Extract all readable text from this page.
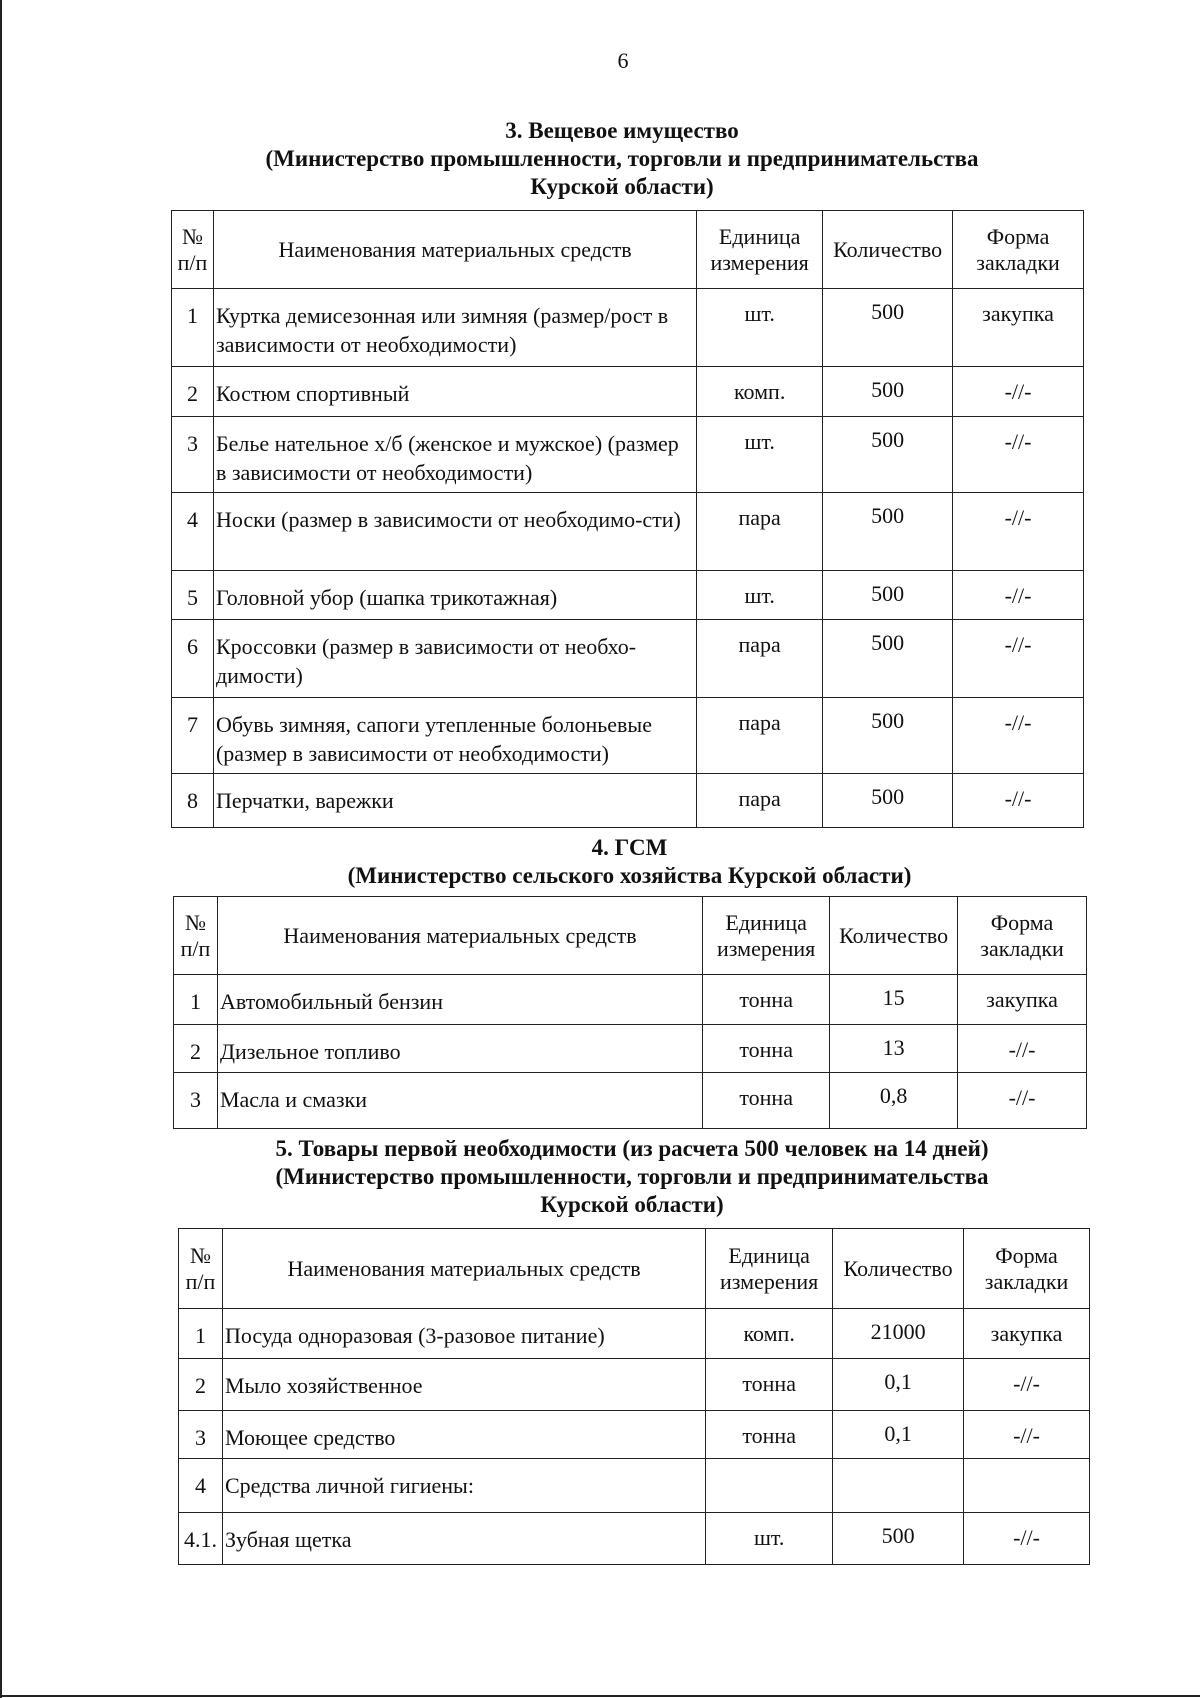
6
3. Вещевое имущество
(Министерство промышленности, торговли и предпринимательства
Курской области)
№ п/п	Наименования материальных средств	Единица измерения	Количество	Форма закладки
1	Куртка демисезонная или зимняя (размер/рост в зависимости от необходимости)	шт.	500	закупка
2	Костюм спортивный	комп.	500	-//-
3	Белье нательное х/б (женское и мужское) (размер в зависимости от необходимости)	шт.	500	-//-
4	Носки (размер в зависимости от необходимо-сти)	пара	500	-//-
5	Головной убор (шапка трикотажная)	шт.	500	-//-
6	Кроссовки (размер в зависимости от необхо-димости)	пара	500	-//-
7	Обувь зимняя, сапоги утепленные болоньевые (размер в зависимости от необходимости)	пара	500	-//-
8	Перчатки, варежки	пара	500	-//-
4. ГСМ
(Министерство сельского хозяйства Курской области)
№ п/п	Наименования материальных средств	Единица измерения	Количество	Форма закладки
1	Автомобильный бензин	тонна	15	закупка
2	Дизельное топливо	тонна	13	-//-
3	Масла и смазки	тонна	0,8	-//-
5. Товары первой необходимости (из расчета 500 человек на 14 дней)
(Министерство промышленности, торговли и предпринимательства
Курской области)
№ п/п	Наименования материальных средств	Единица измерения	Количество	Форма закладки
1	Посуда одноразовая (3-разовое питание)	комп.	21000	закупка
2	Мыло хозяйственное	тонна	0,1	-//-
3	Моющее средство	тонна	0,1	-//-
4	Средства личной гигиены:			
4.1.	Зубная щетка	шт.	500	-//-
